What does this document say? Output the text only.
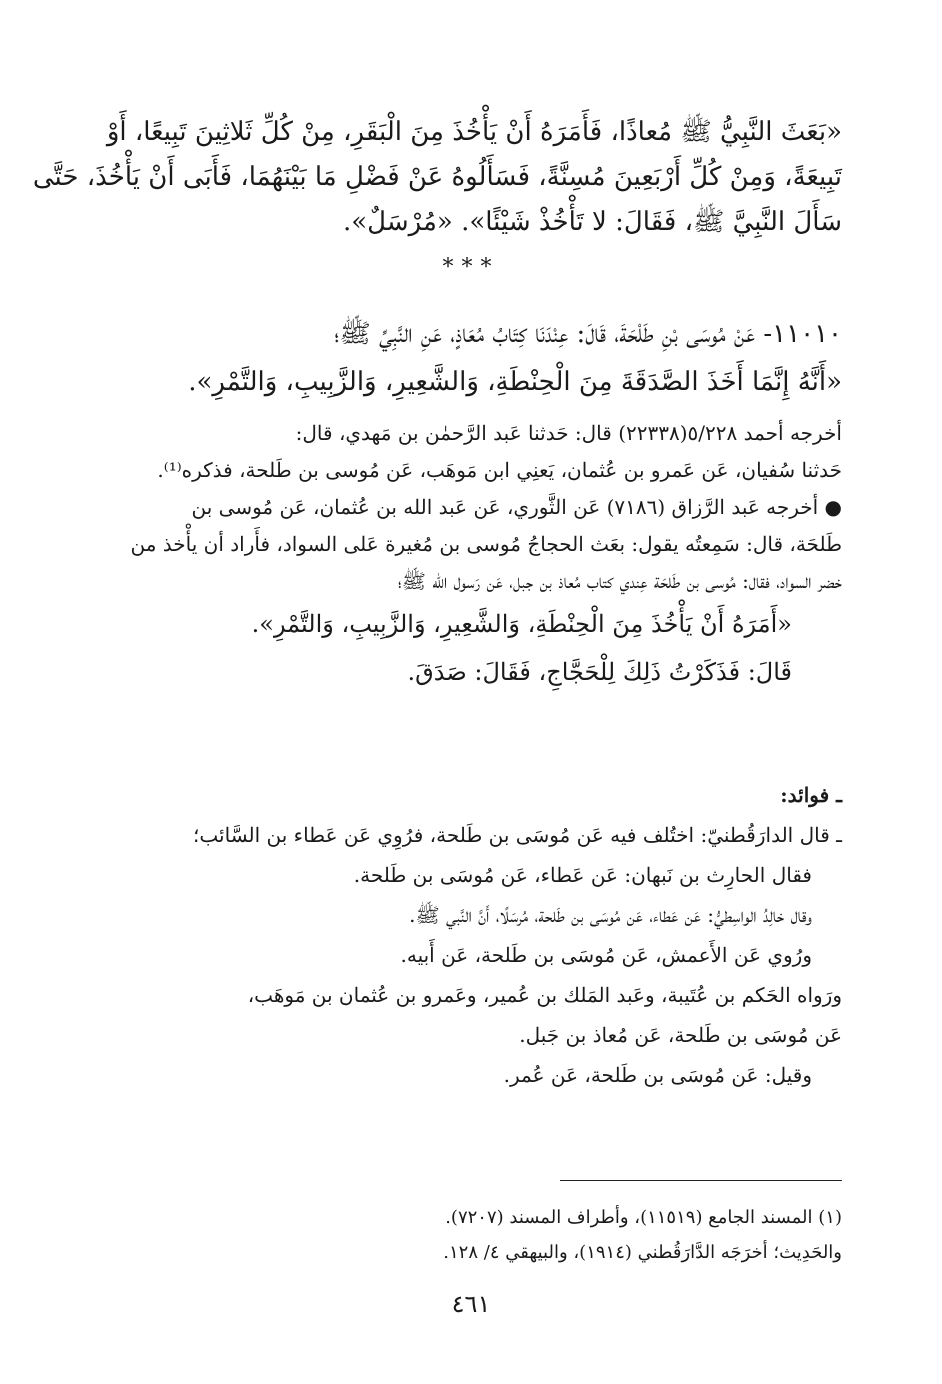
«بَعَثَ النَّبِيُّ ﷺ مُعاذًا، فَأَمَرَهُ أَنْ يَأْخُذَ مِنَ الْبَقَرِ، مِنْ كُلِّ ثَلاثِينَ تَبِيعًا، أَوْ
تَبِيعَةً، وَمِنْ كُلِّ أَرْبَعِينَ مُسِنَّةً، فَسَأَلُوهُ عَنْ فَضْلِ مَا بَيْنَهُمَا، فَأَبَى أَنْ يَأْخُذَ، حَتَّى
سَأَلَ النَّبِيَّ ﷺ، فَقَالَ: لا تَأْخُذْ شَيْئًا». «مُرْسَلٌ».
***
١١٠١٠- عَنْ مُوسَى بْنِ طَلْحَةَ، قَالَ: عِنْدَنَا كِتَابُ مُعَاذٍ، عَنِ النَّبِيِّ ﷺ؛
«أَنَّهُ إِنَّمَا أَخَذَ الصَّدَقَةَ مِنَ الْحِنْطَةِ، وَالشَّعِيرِ، وَالزَّبِيبِ، وَالتَّمْرِ».
أخرجه أحمد ٥/٢٢٨(٢٢٣٣٨) قال: حَدثنا عَبد الرَّحمٰن بن مَهدي، قال:
حَدثنا سُفيان، عَن عَمرو بن عُثمان، يَعنِي ابن مَوهَب، عَن مُوسى بن طَلحة، فذكره⁽¹⁾.
● أخرجه عَبد الرَّزاق (٧١٨٦) عَن الثَّوري، عَن عَبد الله بن عُثمان، عَن مُوسى بن
طَلحَة، قال: سَمِعتُه يقول: بعَث الحجاجُ مُوسى بن مُغيرة عَلى السواد، فأَراد أن يأْخذ من
خضر السواد، فقال: مُوسى بن طَلحَة عِندي كتاب مُعاذ بن جبل، عَن رَسول الله ﷺ؛
«أَمَرَهُ أَنْ يَأْخُذَ مِنَ الْحِنْطَةِ، وَالشَّعِيرِ، وَالزَّبِيبِ، وَالتَّمْرِ».
قَالَ: فَذَكَرْتُ ذَلِكَ لِلْحَجَّاجِ، فَقَالَ: صَدَقَ.
ـ فوائد:
ـ قال الدارَقُطنيّ: اختُلف فيه عَن مُوسَى بن طَلحة، فرُوِي عَن عَطاء بن السَّائب؛
فقال الحارِث بن نَبهان: عَن عَطاء، عَن مُوسَى بن طَلحة.
وقال خالِدُ الواسِطيُّ: عَن عَطاء، عَن مُوسَى بن طَلحة، مُرسَلًا، أَنَّ النَّبي ﷺ.
ورُوي عَن الأَعمش، عَن مُوسَى بن طَلحة، عَن أَبيه.
ورَواه الحَكم بن عُتَيبة، وعَبد المَلك بن عُمير، وعَمرو بن عُثمان بن مَوهَب،
عَن مُوسَى بن طَلحة، عَن مُعاذ بن جَبل.
وقيل: عَن مُوسَى بن طَلحة، عَن عُمر.
(١) المسند الجامع (١١٥١٩)، وأطراف المسند (٧٢٠٧).
والحَدِيث؛ أخرَجَه الدَّارَقُطني (١٩١٤)، والبيهقي ٤/ ١٢٨.
٤٦١
